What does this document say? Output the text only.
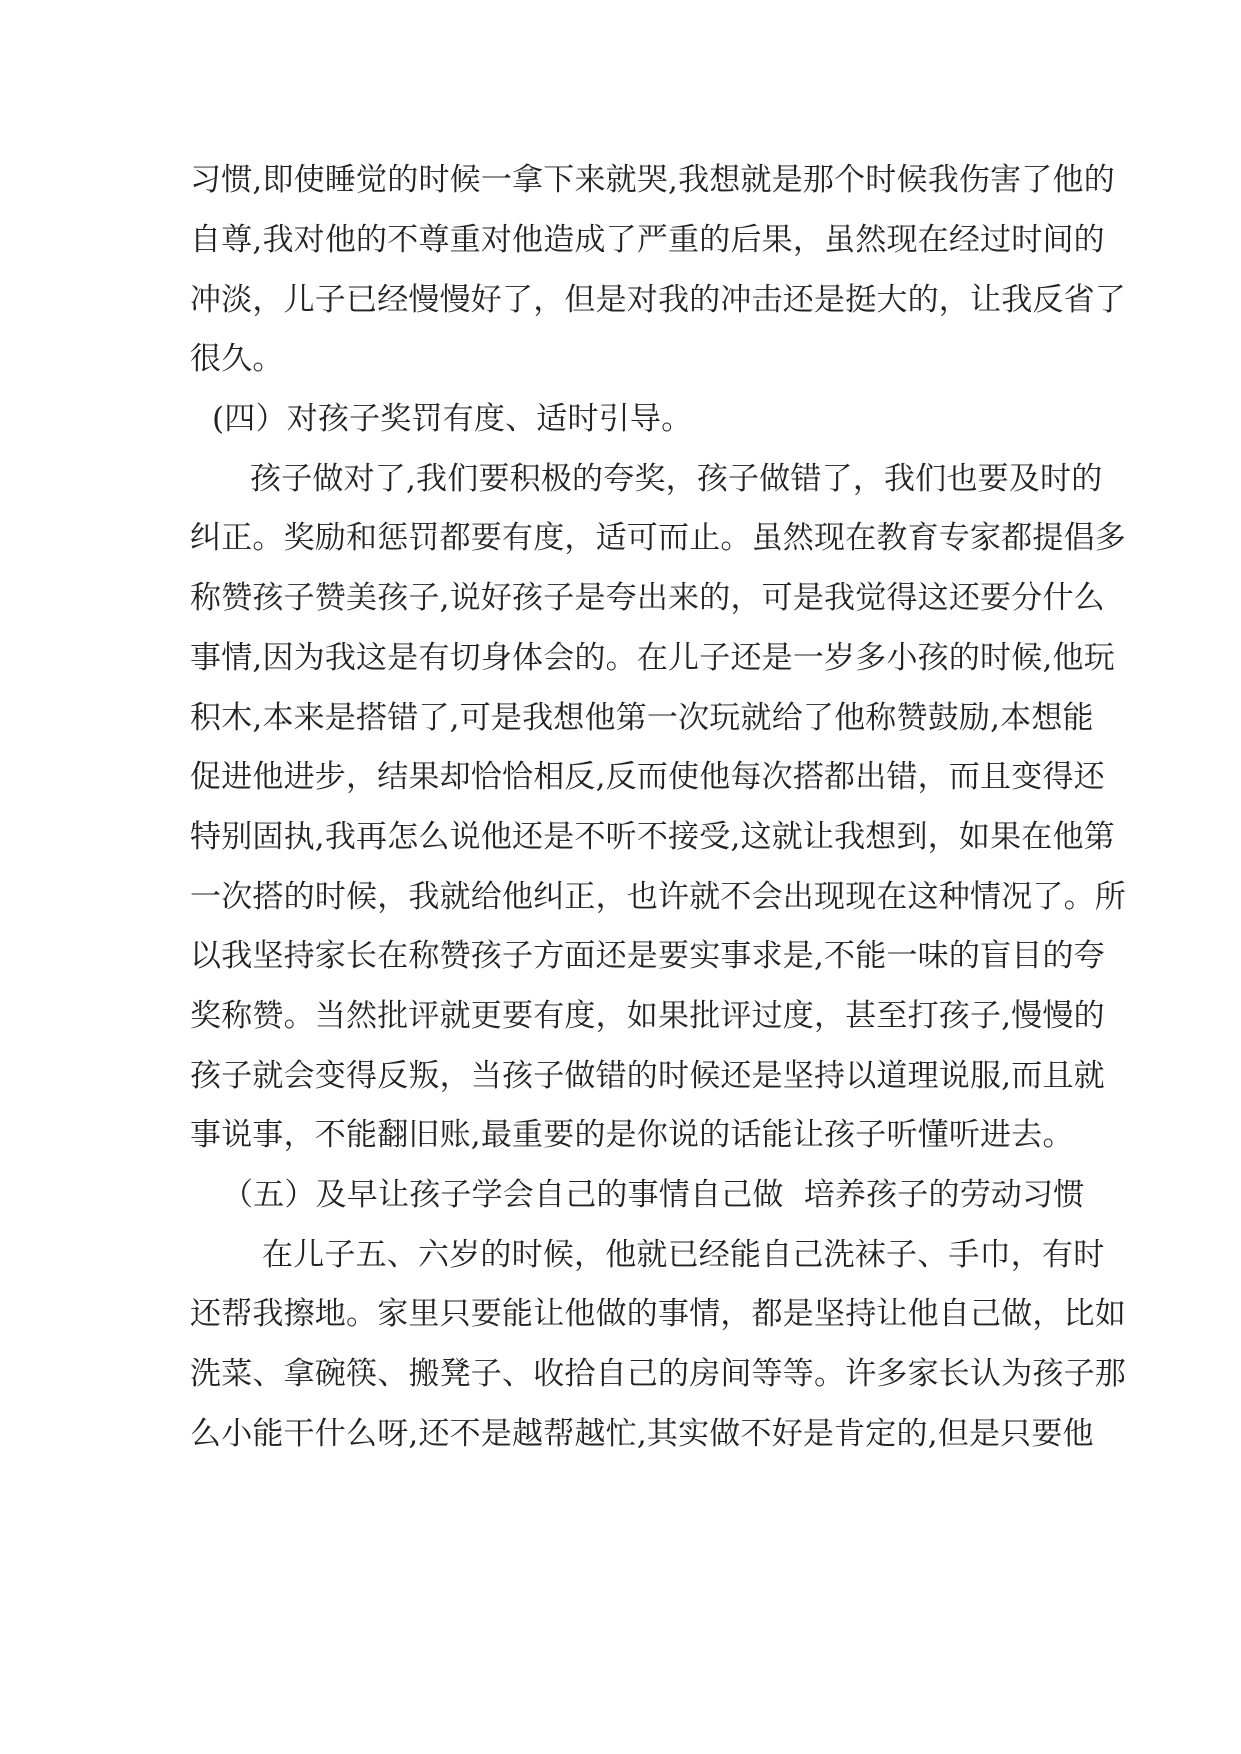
习惯,即使睡觉的时候一拿下来就哭,我想就是那个时候我伤害了他的
自尊,我对他的不尊重对他造成了严重的后果，虽然现在经过时间的
冲淡，儿子已经慢慢好了，但是对我的冲击还是挺大的，让我反省了
很久。
(四）对孩子奖罚有度、适时引导。
孩子做对了,我们要积极的夸奖，孩子做错了，我们也要及时的
纠正。奖励和惩罚都要有度，适可而止。虽然现在教育专家都提倡多
称赞孩子赞美孩子,说好孩子是夸出来的，可是我觉得这还要分什么
事情,因为我这是有切身体会的。在儿子还是一岁多小孩的时候,他玩
积木,本来是搭错了,可是我想他第一次玩就给了他称赞鼓励,本想能
促进他进步，结果却恰恰相反,反而使他每次搭都出错，而且变得还
特别固执,我再怎么说他还是不听不接受,这就让我想到，如果在他第
一次搭的时候，我就给他纠正，也许就不会出现现在这种情况了。所
以我坚持家长在称赞孩子方面还是要实事求是,不能一味的盲目的夸
奖称赞。当然批评就更要有度，如果批评过度，甚至打孩子,慢慢的
孩子就会变得反叛，当孩子做错的时候还是坚持以道理说服,而且就
事说事，不能翻旧账,最重要的是你说的话能让孩子听懂听进去。
（五）及早让孩子学会自己的事情自己做  培养孩子的劳动习惯
在儿子五、六岁的时候，他就已经能自己洗袜子、手巾，有时
还帮我擦地。家里只要能让他做的事情，都是坚持让他自己做，比如
洗菜、拿碗筷、搬凳子、收拾自己的房间等等。许多家长认为孩子那
么小能干什么呀,还不是越帮越忙,其实做不好是肯定的,但是只要他
